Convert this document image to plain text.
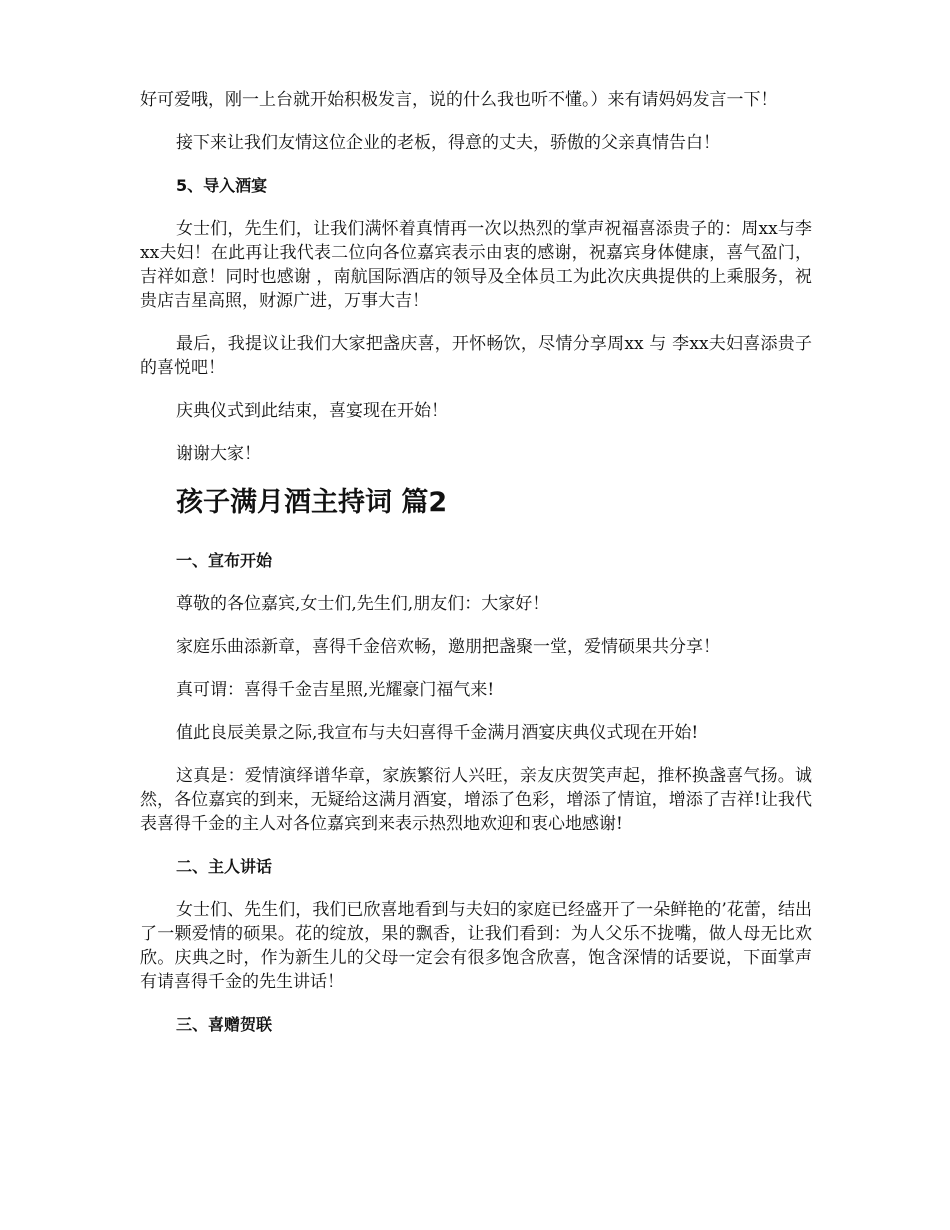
好可爱哦，刚一上台就开始积极发言，说的什么我也听不懂。）来有请妈妈发言一下！

接下来让我们友情这位企业的老板，得意的丈夫，骄傲的父亲真情告白！

5、导入酒宴

女士们，先生们，让我们满怀着真情再一次以热烈的掌声祝福喜添贵子的：周xx与李xx夫妇！在此再让我代表二位向各位嘉宾表示由衷的感谢，祝嘉宾身体健康，喜气盈门，吉祥如意！同时也感谢 ，南航国际酒店的领导及全体员工为此次庆典提供的上乘服务，祝贵店吉星高照，财源广进，万事大吉！

最后，我提议让我们大家把盏庆喜，开怀畅饮，尽情分享周xx 与 李xx夫妇喜添贵子的喜悦吧！

庆典仪式到此结束，喜宴现在开始！

谢谢大家！

孩子满月酒主持词 篇2

一、宣布开始

尊敬的各位嘉宾,女士们,先生们,朋友们：大家好！

家庭乐曲添新章，喜得千金倍欢畅，邀朋把盏聚一堂，爱情硕果共分享！

真可谓：喜得千金吉星照,光耀豪门福气来!

值此良辰美景之际,我宣布与夫妇喜得千金满月酒宴庆典仪式现在开始!

这真是：爱情演绎谱华章，家族繁衍人兴旺，亲友庆贺笑声起，推杯换盏喜气扬。诚然，各位嘉宾的到来，无疑给这满月酒宴，增添了色彩，增添了情谊，增添了吉祥!让我代表喜得千金的主人对各位嘉宾到来表示热烈地欢迎和衷心地感谢!

二、主人讲话

女士们、先生们，我们已欣喜地看到与夫妇的家庭已经盛开了一朵鲜艳的’花蕾，结出了一颗爱情的硕果。花的绽放，果的飘香，让我们看到：为人父乐不拢嘴，做人母无比欢欣。庆典之时，作为新生儿的父母一定会有很多饱含欣喜，饱含深情的话要说，下面掌声有请喜得千金的先生讲话！

三、喜赠贺联
